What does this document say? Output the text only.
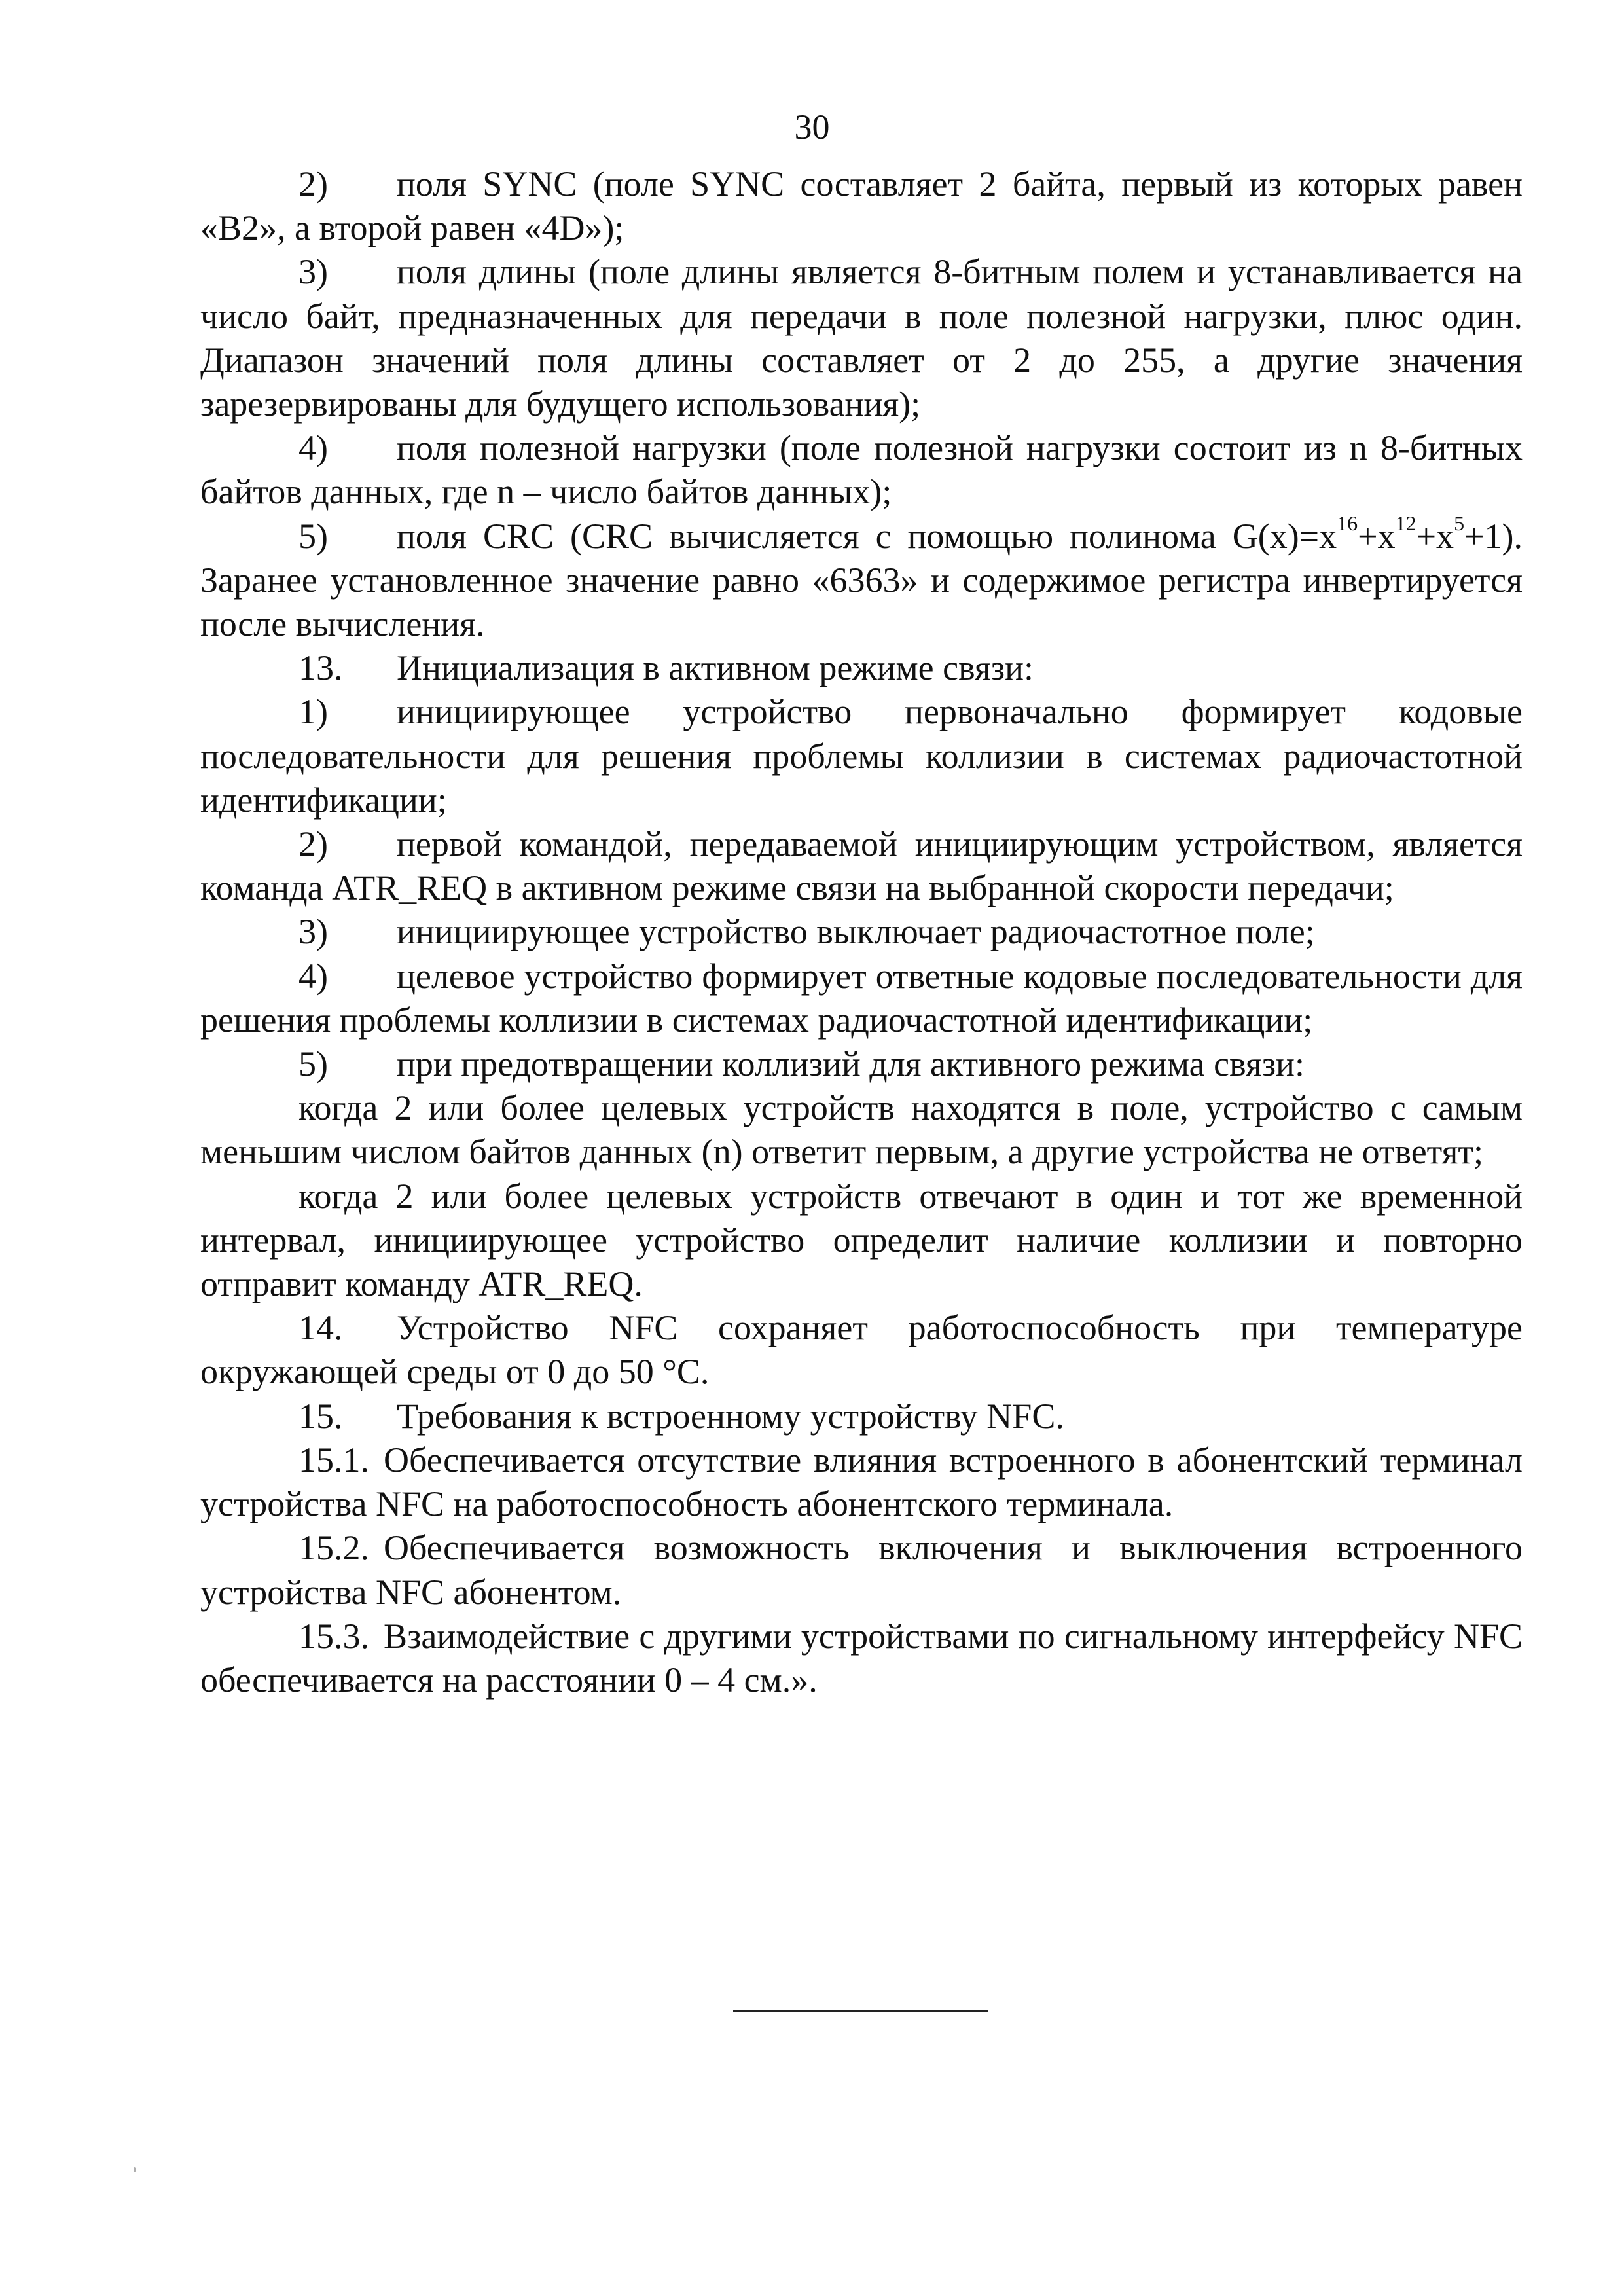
30

2) поля SYNC (поле SYNC составляет 2 байта, первый из которых равен «B2», а второй равен «4D»);

3) поля длины (поле длины является 8-битным полем и устанавливается на число байт, предназначенных для передачи в поле полезной нагрузки, плюс один. Диапазон значений поля длины составляет от 2 до 255, а другие значения зарезервированы для будущего использования);

4) поля полезной нагрузки (поле полезной нагрузки состоит из n 8-битных байтов данных, где n – число байтов данных);

5) поля CRC (CRC вычисляется с помощью полинома $G(x)=x^{16}+x^{12}+x^5+1$). Заранее установленное значение равно «6363» и содержимое регистра инвертируется после вычисления.

13. Инициализация в активном режиме связи:

1) инициирующее устройство первоначально формирует кодовые последовательности для решения проблемы коллизии в системах радиочастотной идентификации;

2) первой командой, передаваемой инициирующим устройством, является команда ATR_REQ в активном режиме связи на выбранной скорости передачи;

3) инициирующее устройство выключает радиочастотное поле;

4) целевое устройство формирует ответные кодовые последовательности для решения проблемы коллизии в системах радиочастотной идентификации;

5) при предотвращении коллизий для активного режима связи:

когда 2 или более целевых устройств находятся в поле, устройство с самым меньшим числом байтов данных (n) ответит первым, а другие устройства не ответят;

когда 2 или более целевых устройств отвечают в один и тот же временной интервал, инициирующее устройство определит наличие коллизии и повторно отправит команду ATR_REQ.

14. Устройство NFC сохраняет работоспособность при температуре окружающей среды от 0 до 50 °C.

15. Требования к встроенному устройству NFC.

15.1. Обеспечивается отсутствие влияния встроенного в абонентский терминал устройства NFC на работоспособность абонентского терминала.

15.2. Обеспечивается возможность включения и выключения встроенного устройства NFC абонентом.

15.3. Взаимодействие с другими устройствами по сигнальному интерфейсу NFC обеспечивается на расстоянии 0 – 4 см.».
